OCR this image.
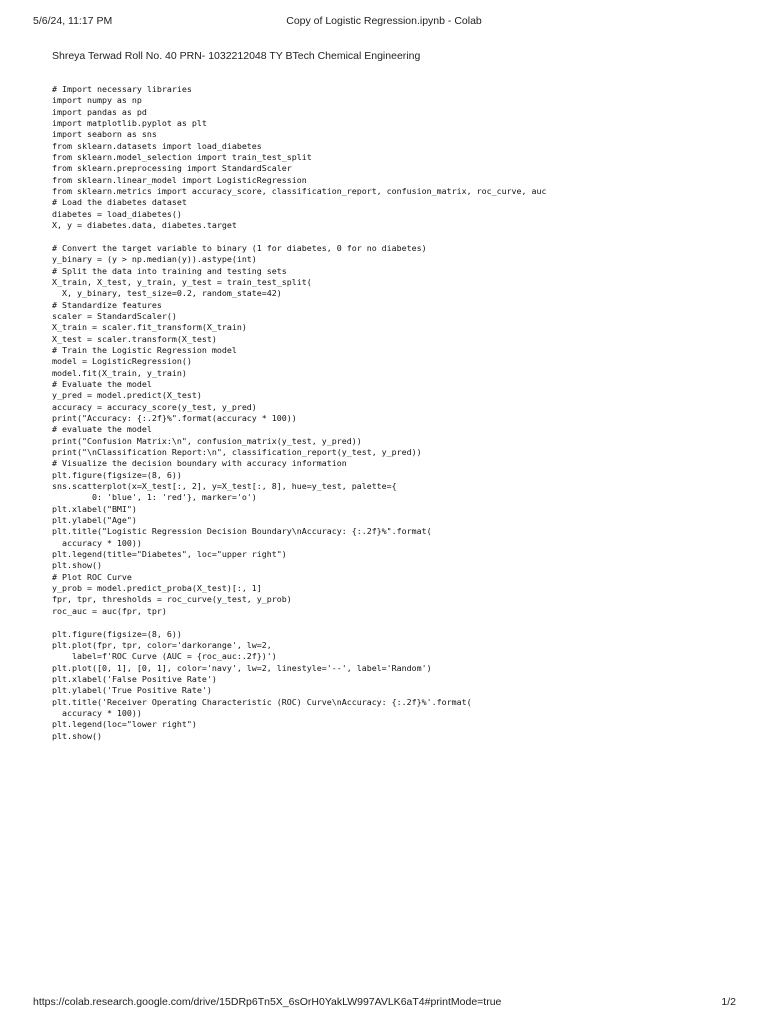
5/6/24, 11:17 PM	Copy of Logistic Regression.ipynb - Colab
Shreya Terwad Roll No. 40 PRN- 1032212048 TY BTech Chemical Engineering
# Import necessary libraries
import numpy as np
import pandas as pd
import matplotlib.pyplot as plt
import seaborn as sns
from sklearn.datasets import load_diabetes
from sklearn.model_selection import train_test_split
from sklearn.preprocessing import StandardScaler
from sklearn.linear_model import LogisticRegression
from sklearn.metrics import accuracy_score, classification_report, confusion_matrix, roc_curve, auc
# Load the diabetes dataset
diabetes = load_diabetes()
X, y = diabetes.data, diabetes.target
# Convert the target variable to binary (1 for diabetes, 0 for no diabetes)
y_binary = (y > np.median(y)).astype(int)
# Split the data into training and testing sets
X_train, X_test, y_train, y_test = train_test_split(
X, y_binary, test_size=0.2, random_state=42)
# Standardize features
scaler = StandardScaler()
X_train = scaler.fit_transform(X_train)
X_test = scaler.transform(X_test)
# Train the Logistic Regression model
model = LogisticRegression()
model.fit(X_train, y_train)
# Evaluate the model
y_pred = model.predict(X_test)
accuracy = accuracy_score(y_test, y_pred)
print("Accuracy: {:.2f}%".format(accuracy * 100))
# evaluate the model
print("Confusion Matrix:\n", confusion_matrix(y_test, y_pred))
print("\nClassification Report:\n", classification_report(y_test, y_pred))
# Visualize the decision boundary with accuracy information
plt.figure(figsize=(8, 6))
sns.scatterplot(x=X_test[:, 2], y=X_test[:, 8], hue=y_test, palette={
0: 'blue', 1: 'red'}, marker='o')
plt.xlabel("BMI")
plt.ylabel("Age")
plt.title("Logistic Regression Decision Boundary\nAccuracy: {:.2f}%".format(
accuracy * 100))
plt.legend(title="Diabetes", loc="upper right")
plt.show()
# Plot ROC Curve
y_prob = model.predict_proba(X_test)[:, 1]
fpr, tpr, thresholds = roc_curve(y_test, y_prob)
roc_auc = auc(fpr, tpr)
plt.figure(figsize=(8, 6))
plt.plot(fpr, tpr, color='darkorange', lw=2,
label=f'ROC Curve (AUC = {roc_auc:.2f})')
plt.plot([0, 1], [0, 1], color='navy', lw=2, linestyle='--', label='Random')
plt.xlabel('False Positive Rate')
plt.ylabel('True Positive Rate')
plt.title('Receiver Operating Characteristic (ROC) Curve\nAccuracy: {:.2f}%'.format(
accuracy * 100))
plt.legend(loc="lower right")
plt.show()
https://colab.research.google.com/drive/15DRp6Tn5X_6sOrH0YakLW997AVLK6aT4#printMode=true	1/2
